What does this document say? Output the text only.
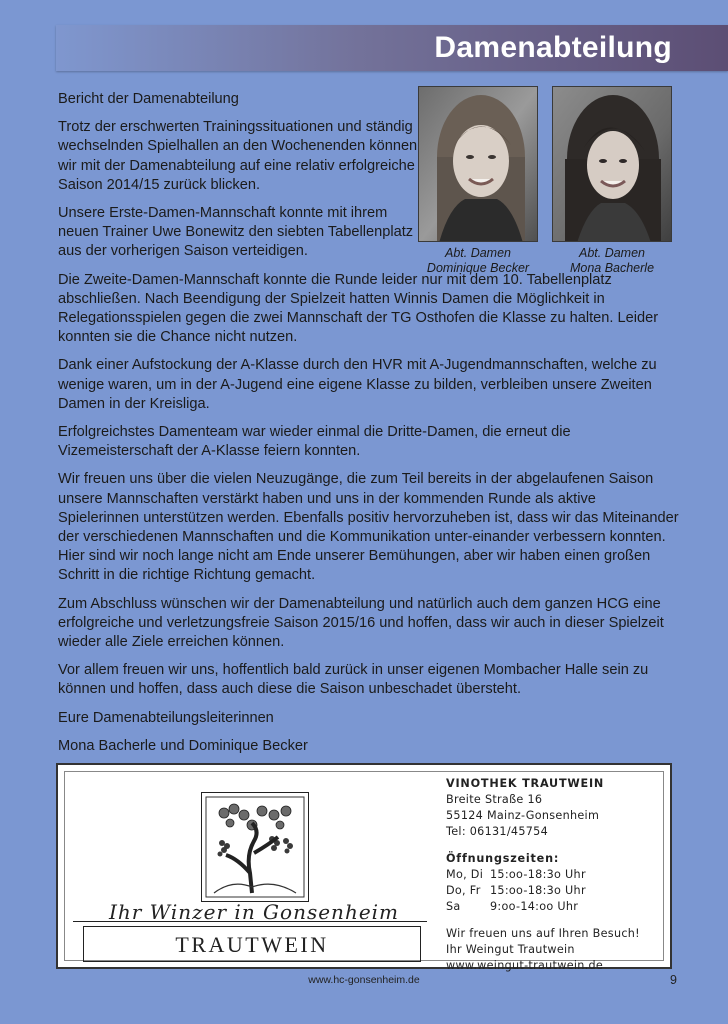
Damenabteilung
Abt. Damen
Dominique Becker
Abt. Damen
Mona Bacherle

Bericht der Damenabteilung

Trotz der erschwerten Trainingssituationen und ständig wechselnden Spielhallen an den Wochenenden können wir mit der Damenabteilung auf eine relativ erfolgreiche Saison 2014/15 zurück blicken.

Unsere Erste-Damen-Mannschaft konnte mit ihrem neuen Trainer Uwe Bonewitz den siebten Tabellenplatz aus der vorherigen Saison verteidigen.

Die Zweite-Damen-Mannschaft konnte die Runde leider nur mit dem 10. Tabellenplatz abschließen. Nach Beendigung der Spielzeit hatten Winnis Damen die Möglichkeit in Relegationsspielen gegen die zwei Mannschaft der TG Osthofen die Klasse zu halten. Leider konnten sie die Chance nicht nutzen.

Dank einer Aufstockung der A-Klasse durch den HVR mit A-Jugendmannschaften, welche zu wenige waren, um in der A-Jugend eine eigene Klasse zu bilden, verbleiben unsere Zweiten Damen in der Kreisliga.

Erfolgreichstes Damenteam war wieder einmal die Dritte-Damen, die erneut die Vizemeisterschaft der A-Klasse feiern konnten.

Wir freuen uns über die vielen Neuzugänge, die zum Teil bereits in der abgelaufenen Saison unsere Mannschaften verstärkt haben und uns in der kommenden Runde als aktive Spielerinnen unterstützen werden. Ebenfalls positiv hervorzuheben ist, dass wir das Miteinander der verschiedenen Mannschaften und die Kommunikation unter-einander verbessern konnten. Hier sind wir noch lange nicht am Ende unserer Bemühungen, aber wir haben einen großen Schritt in die richtige Richtung gemacht.

Zum Abschluss wünschen wir der Damenabteilung und natürlich auch dem ganzen HCG eine erfolgreiche und verletzungsfreie Saison 2015/16 und hoffen, dass wir auch in dieser Spielzeit wieder alle Ziele erreichen können.

Vor allem freuen wir uns, hoffentlich bald zurück in unser eigenen Mombacher Halle sein zu können und hoffen, dass auch diese die Saison unbeschadet übersteht.

Eure Damenabteilungsleiterinnen

Mona Bacherle und Dominique Becker

Ihr Winzer in Gonsenheim
TRAUTWEIN
VINOTHEK TRAUTWEIN
Breite Straße 16
55124 Mainz-Gonsenheim
Tel: 06131/45754
Öffnungszeiten:
Mo, Di 15:oo-18:3o Uhr
Do, Fr 15:oo-18:3o Uhr
Sa	9:oo-14:oo Uhr
Wir freuen uns auf Ihren Besuch!
Ihr Weingut Trautwein
www.weingut-trautwein.de
www.hc-gonsenheim.de	9
